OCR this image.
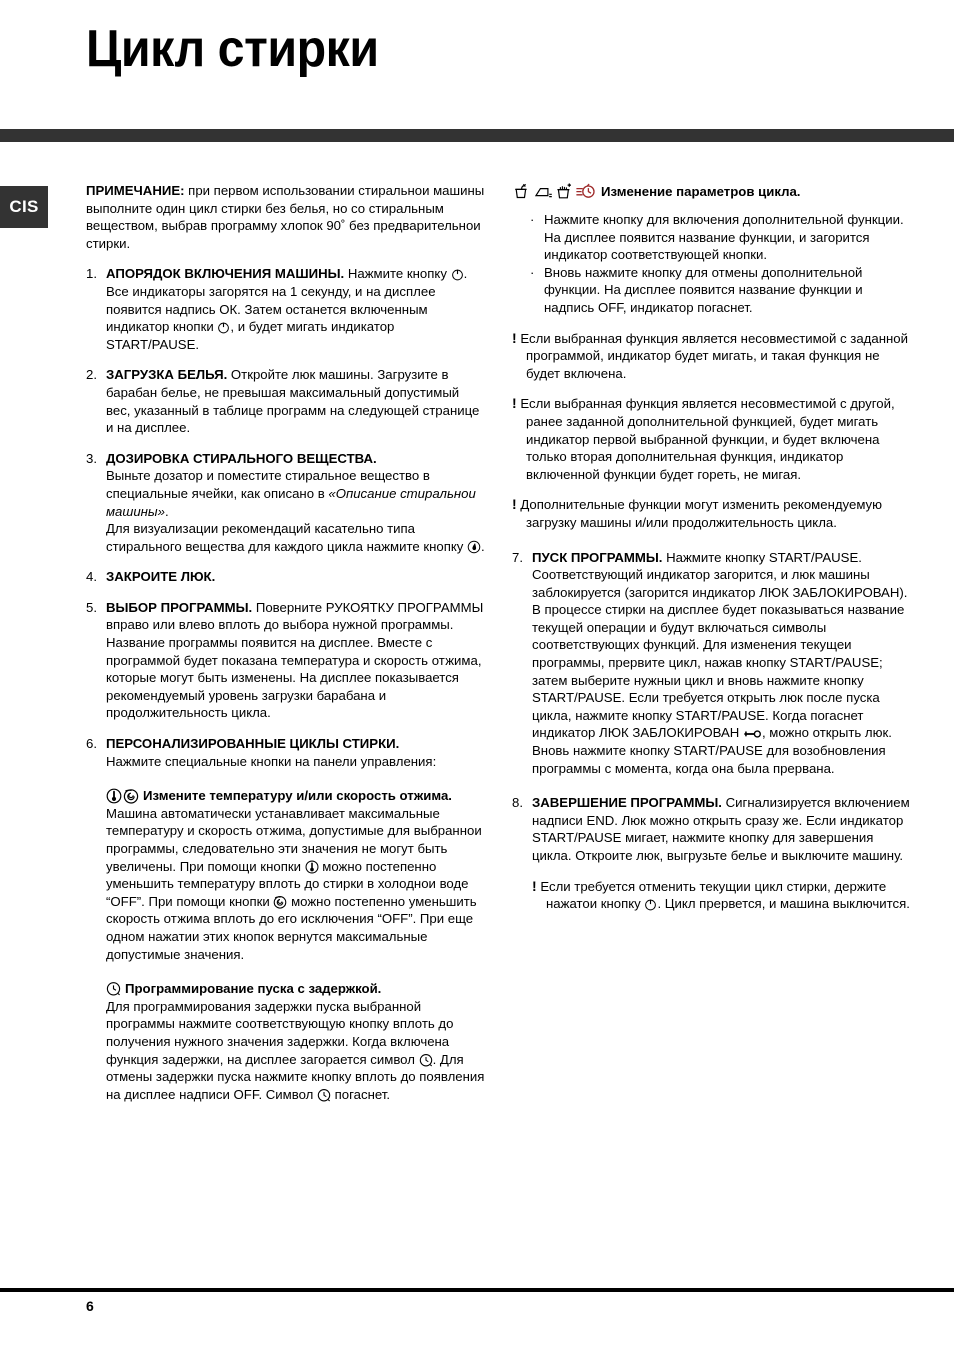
Цикл стирки
CIS

ПРИМЕЧАНИЕ: при первом использовании стиральнои машины выполните один цикл стирки без белья, но со стиральным веществом, выбрав программу хлопок 90˚ без предварительнои стирки.

1. АПОРЯДОК ВКЛЮЧЕНИЯ МАШИНЫ. Нажмите кнопку
. Все индикаторы загорятся на 1 секунду, и на дисплее появится надпись ОК. Затем останется включенным индикатор кнопки
, и будет мигать индикатор START/PAUSE.
2. ЗАГРУЗКА БЕЛЬЯ. Откройте люк машины. Загрузите в барабан белье, не превышая максимальный допустимый вес, указанный в таблице программ на следующей странице и на дисплее.
3. ДОЗИРОВКА СТИРАЛЬНОГО ВЕЩЕСТВА.
Выньте дозатор и поместите стиральное вещество в специальные ячейки, как описано в «Описание стиральнои машины».
Для визуализации рекомендаций касательно типа стирального вещества для каждого цикла нажмите кнопку
.
4. ЗАКРОИТЕ ЛЮК.
5. ВЫБОР ПРОГРАММЫ. Поверните РУКОЯТКУ ПРОГРАММЫ вправо или влево вплоть до выбора нужной программы. Название программы появится на дисплее. Вместе с программой будет показана температура и скорость отжима, которые могут быть изменены. На дисплее показывается рекомендуемый уровень загрузки барабана и продолжительность цикла.
6. ПЕРСОНАЛИЗИРОВАННЫЕ ЦИКЛЫ СТИРКИ.
Нажмите специальные кнопки на панели управления:
Измените температуру и/или скорость отжима.
Машина автоматически устанавливает максимальные температуру и скорость отжима, допустимые для выбраннои программы, следовательно эти значения не могут быть увеличены. При помощи кнопки
можно постепенно уменьшить температуру вплоть до стирки в холоднои воде “OFF”. При помощи кнопки
можно постепенно уменьшить скорость отжима вплоть до его исключения “OFF”. При еще одном нажатии этих кнопок вернутся максимальные допустимые значения.
Программирование пуска с задержкой.
Для программирования задержки пуска выбранной программы нажмите соответствующую кнопку вплоть до получения нужного значения задержки. Когда включена функция задержки, на дисплее загорается символ
. Для отмены задержки пуска нажмите кнопку вплоть до появления на дисплее надписи OFF. Символ
погаснет.
Изменение параметров цикла.
· Нажмите кнопку для включения дополнительной функции. На дисплее появится название функции, и загорится индикатор соответствующей кнопки.
· Вновь нажмите кнопку для отмены дополнительной функции. На дисплее появится название функции и надпись OFF, индикатор погаснет.

! Если выбранная функция является несовместимой с заданной программой, индикатор будет мигать, и такая функция не будет включена.

! Если выбранная функция является несовместимой с другой, ранее заданной дополнительной функцией, будет мигать индикатор первой выбранной функции, и будет включена только вторая дополнительная функция, индикатор включенной функции будет гореть, не мигая.

! Дополнительные функции могут изменить рекомендуемую загрузку машины и/или продолжительность цикла.

7. ПУСК ПРОГРАММЫ. Нажмите кнопку START/PAUSE. Соответствующий индикатор загорится, и люк машины заблокируется (загорится индикатор ЛЮК ЗАБЛОКИРОВАН). В процессе стирки на дисплее будет показываться название текущей операции и будут включаться символы соответствующих функций. Для изменения текущеи программы, прервите цикл, нажав кнопку START/PAUSE; затем выберите нужныи цикл и вновь нажмите кнопку START/PAUSE. Если требуется открыть люк после пуска цикла, нажмите кнопку START/PAUSE. Когда погаснет индикатор ЛЮК ЗАБЛОКИРОВАН
, можно открыть люк. Вновь нажмите кнопку START/PAUSE для возобновления программы с момента, когда она была прервана.
8. ЗАВЕРШЕНИЕ ПРОГРАММЫ. Сигнализируется включением надписи END. Люк можно открыть сразу же. Если индикатор START/PAUSE мигает, нажмите кнопку для завершения цикла. Откроите люк, выгрузьте белье и выключите машину.

! Если требуется отменить текущии цикл стирки, держите нажатои кнопку
. Цикл прервется, и машина выключится.

6
